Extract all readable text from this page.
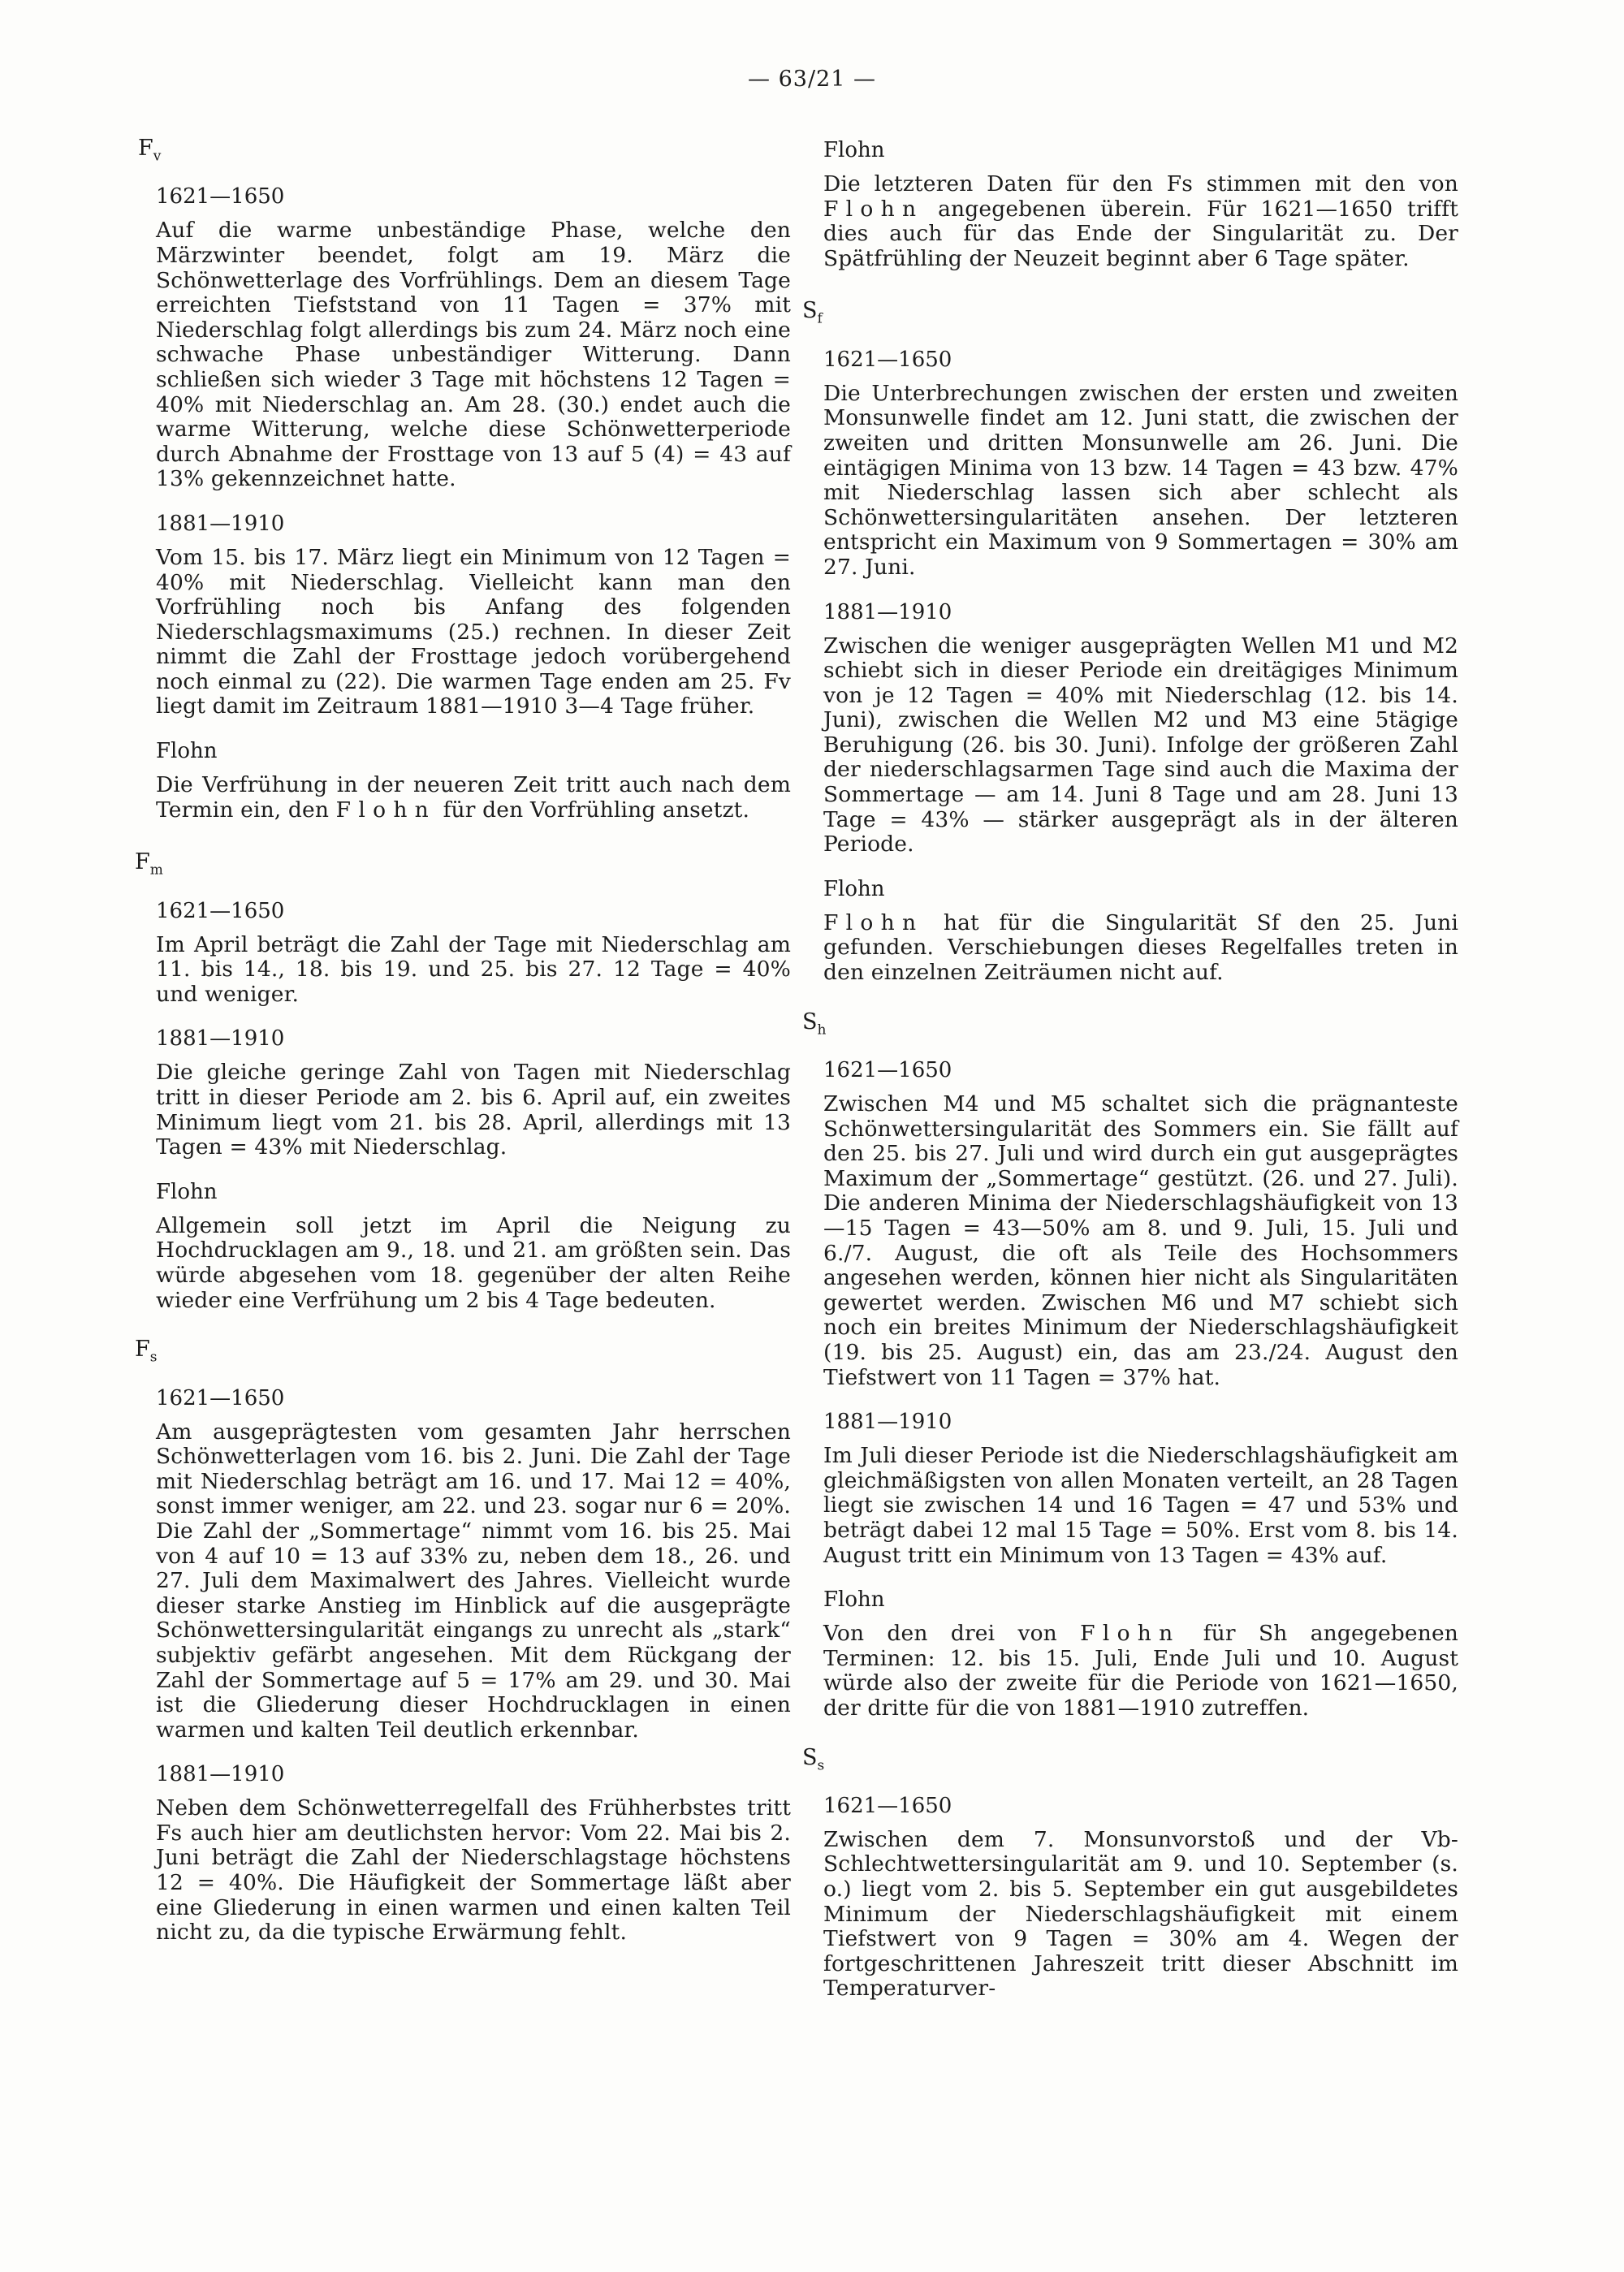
— 63/21 —
$F_v$
1621—1650
Auf die warme unbeständige Phase, welche den Märzwinter beendet, folgt am 19. März die Schönwetterlage des Vorfrühlings. Dem an diesem Tage erreichten Tiefststand von 11 Tagen = 37% mit Niederschlag folgt allerdings bis zum 24. März noch eine schwache Phase unbeständiger Witterung. Dann schließen sich wieder 3 Tage mit höchstens 12 Tagen = 40% mit Niederschlag an. Am 28. (30.) endet auch die warme Witterung, welche diese Schönwetterperiode durch Abnahme der Frosttage von 13 auf 5 (4) = 43 auf 13% gekennzeichnet hatte.
1881—1910
Vom 15. bis 17. März liegt ein Minimum von 12 Tagen = 40% mit Niederschlag. Vielleicht kann man den Vorfrühling noch bis Anfang des folgenden Niederschlagsmaximums (25.) rechnen. In dieser Zeit nimmt die Zahl der Frosttage jedoch vorübergehend noch einmal zu (22). Die warmen Tage enden am 25. Fv liegt damit im Zeitraum 1881—1910 3—4 Tage früher.
Flohn
Die Verfrühung in der neueren Zeit tritt auch nach dem Termin ein, den Flohn für den Vorfrühling ansetzt.
$F_m$
1621—1650
Im April beträgt die Zahl der Tage mit Niederschlag am 11. bis 14., 18. bis 19. und 25. bis 27. 12 Tage = 40% und weniger.
1881—1910
Die gleiche geringe Zahl von Tagen mit Niederschlag tritt in dieser Periode am 2. bis 6. April auf, ein zweites Minimum liegt vom 21. bis 28. April, allerdings mit 13 Tagen = 43% mit Niederschlag.
Flohn
Allgemein soll jetzt im April die Neigung zu Hochdrucklagen am 9., 18. und 21. am größten sein. Das würde abgesehen vom 18. gegenüber der alten Reihe wieder eine Verfrühung um 2 bis 4 Tage bedeuten.
$F_s$
1621—1650
Am ausgeprägtesten vom gesamten Jahr herrschen Schönwetterlagen vom 16. bis 2. Juni. Die Zahl der Tage mit Niederschlag beträgt am 16. und 17. Mai 12 = 40%, sonst immer weniger, am 22. und 23. sogar nur 6 = 20%. Die Zahl der „Sommertage“ nimmt vom 16. bis 25. Mai von 4 auf 10 = 13 auf 33% zu, neben dem 18., 26. und 27. Juli dem Maximalwert des Jahres. Vielleicht wurde dieser starke Anstieg im Hinblick auf die ausgeprägte Schönwettersingularität eingangs zu unrecht als „stark“ subjektiv gefärbt angesehen. Mit dem Rückgang der Zahl der Sommertage auf 5 = 17% am 29. und 30. Mai ist die Gliederung dieser Hochdrucklagen in einen warmen und kalten Teil deutlich erkennbar.
1881—1910
Neben dem Schönwetterregelfall des Frühherbstes tritt Fs auch hier am deutlichsten hervor: Vom 22. Mai bis 2. Juni beträgt die Zahl der Niederschlagstage höchstens 12 = 40%. Die Häufigkeit der Sommertage läßt aber eine Gliederung in einen warmen und einen kalten Teil nicht zu, da die typische Erwärmung fehlt.
Flohn
Die letzteren Daten für den Fs stimmen mit den von Flohn angegebenen überein. Für 1621—1650 trifft dies auch für das Ende der Singularität zu. Der Spätfrühling der Neuzeit beginnt aber 6 Tage später.
$S_f$
1621—1650
Die Unterbrechungen zwischen der ersten und zweiten Monsunwelle findet am 12. Juni statt, die zwischen der zweiten und dritten Monsunwelle am 26. Juni. Die eintägigen Minima von 13 bzw. 14 Tagen = 43 bzw. 47% mit Niederschlag lassen sich aber schlecht als Schönwettersingularitäten ansehen. Der letzteren entspricht ein Maximum von 9 Sommertagen = 30% am 27. Juni.
1881—1910
Zwischen die weniger ausgeprägten Wellen M1 und M2 schiebt sich in dieser Periode ein dreitägiges Minimum von je 12 Tagen = 40% mit Niederschlag (12. bis 14. Juni), zwischen die Wellen M2 und M3 eine 5tägige Beruhigung (26. bis 30. Juni). Infolge der größeren Zahl der niederschlagsarmen Tage sind auch die Maxima der Sommertage — am 14. Juni 8 Tage und am 28. Juni 13 Tage = 43% — stärker ausgeprägt als in der älteren Periode.
Flohn
Flohn hat für die Singularität Sf den 25. Juni gefunden. Verschiebungen dieses Regelfalles treten in den einzelnen Zeiträumen nicht auf.
$S_h$
1621—1650
Zwischen M4 und M5 schaltet sich die prägnanteste Schönwettersingularität des Sommers ein. Sie fällt auf den 25. bis 27. Juli und wird durch ein gut ausgeprägtes Maximum der „Sommertage“ gestützt. (26. und 27. Juli). Die anderen Minima der Niederschlagshäufigkeit von 13—15 Tagen = 43—50% am 8. und 9. Juli, 15. Juli und 6./7. August, die oft als Teile des Hochsommers angesehen werden, können hier nicht als Singularitäten gewertet werden. Zwischen M6 und M7 schiebt sich noch ein breites Minimum der Niederschlagshäufigkeit (19. bis 25. August) ein, das am 23./24. August den Tiefstwert von 11 Tagen = 37% hat.
1881—1910
Im Juli dieser Periode ist die Niederschlagshäufigkeit am gleichmäßigsten von allen Monaten verteilt, an 28 Tagen liegt sie zwischen 14 und 16 Tagen = 47 und 53% und beträgt dabei 12 mal 15 Tage = 50%. Erst vom 8. bis 14. August tritt ein Minimum von 13 Tagen = 43% auf.
Flohn
Von den drei von Flohn für Sh angegebenen Terminen: 12. bis 15. Juli, Ende Juli und 10. August würde also der zweite für die Periode von 1621—1650, der dritte für die von 1881—1910 zutreffen.
$S_s$
1621—1650
Zwischen dem 7. Monsunvorstoß und der Vb-Schlechtwettersingularität am 9. und 10. September (s. o.) liegt vom 2. bis 5. September ein gut ausgebildetes Minimum der Niederschlagshäufigkeit mit einem Tiefstwert von 9 Tagen = 30% am 4. Wegen der fortgeschrittenen Jahreszeit tritt dieser Abschnitt im Temperaturver-
